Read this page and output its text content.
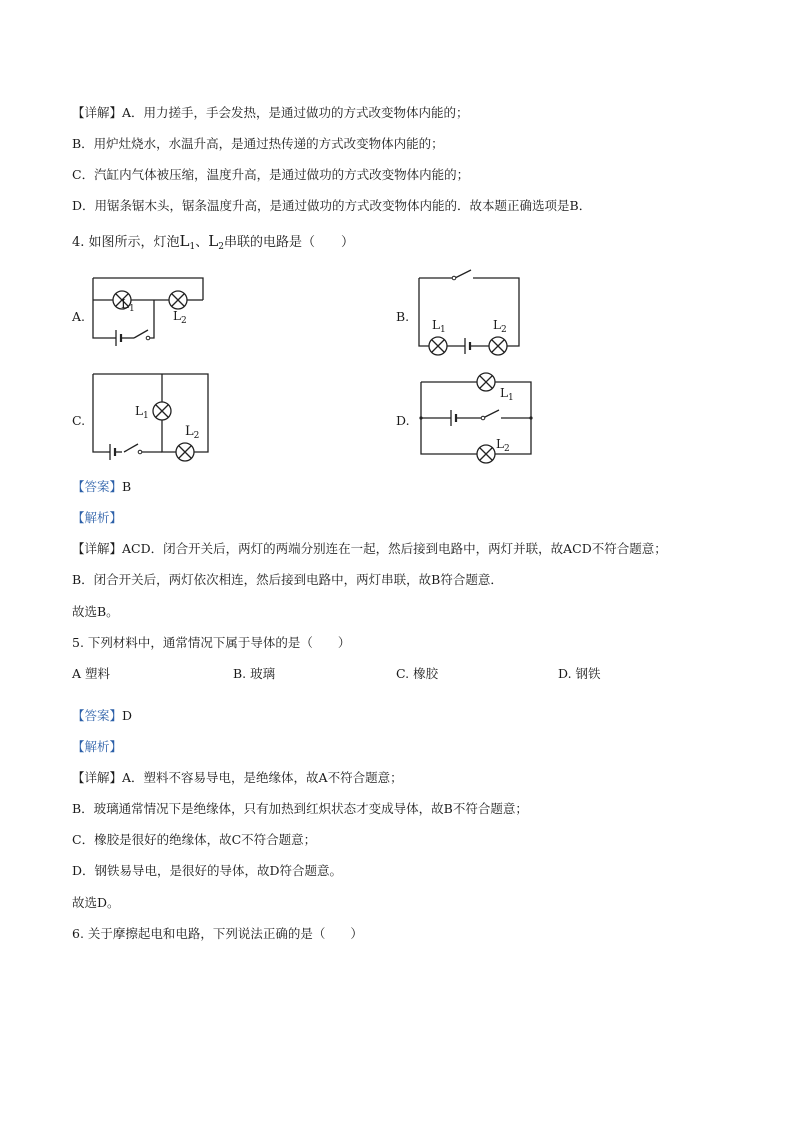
【详解】A．用力搓手，手会发热，是通过做功的方式改变物体内能的；
B．用炉灶烧水，水温升高，是通过热传递的方式改变物体内能的；
C．汽缸内气体被压缩，温度升高，是通过做功的方式改变物体内能的；
D．用锯条锯木头，锯条温度升高，是通过做功的方式改变物体内能的．故本题正确选项是B．
4. 如图所示，灯泡$L_1$、$L_2$串联的电路是（　　）
A.	B.
C.	D.
$L_1$	$L_2$	$L_1$	$L_2$
$L_1$
$L_2$
$L_1$
$L_2$
【答案】B
【解析】
【详解】ACD．闭合开关后，两灯的两端分别连在一起，然后接到电路中，两灯并联，故ACD不符合题意；
B．闭合开关后，两灯依次相连，然后接到电路中，两灯串联，故B符合题意．
故选B。
5. 下列材料中，通常情况下属于导体的是（　　）
A 塑料	B. 玻璃	C. 橡胶	D. 钢铁
【答案】D
【解析】
【详解】A．塑料不容易导电，是绝缘体，故A不符合题意；
B．玻璃通常情况下是绝缘体，只有加热到红炽状态才变成导体，故B不符合题意；
C．橡胶是很好的绝缘体，故C不符合题意；
D．钢铁易导电，是很好的导体，故D符合题意。
故选D。
6. 关于摩擦起电和电路，下列说法正确的是（　　）
